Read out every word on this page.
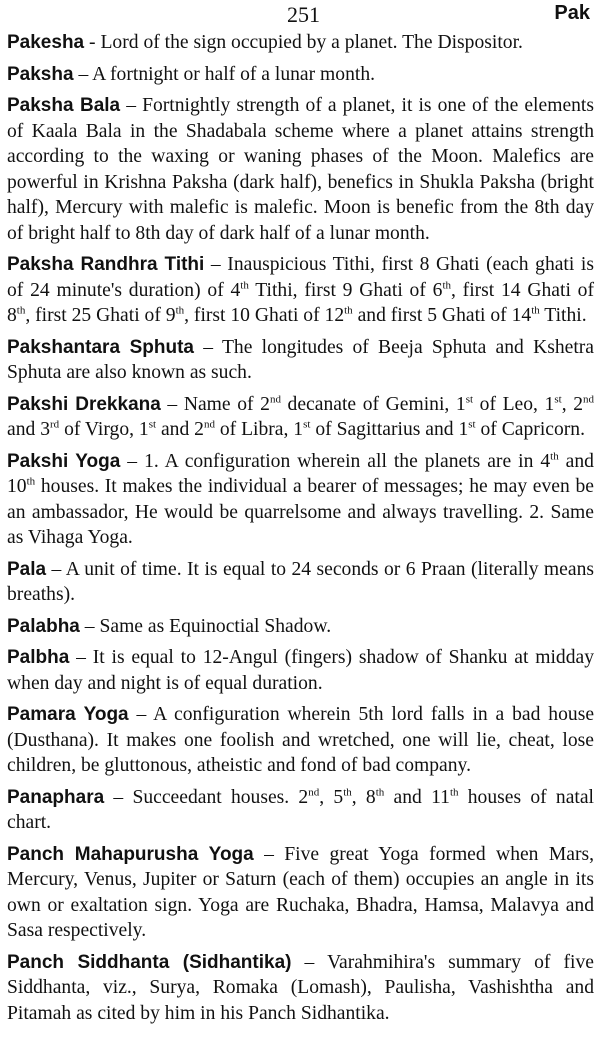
251	Pak

Pakesha - Lord of the sign occupied by a planet. The Dispositor.

Paksha – A fortnight or half of a lunar month.

Paksha Bala – Fortnightly strength of a planet, it is one of the elements of Kaala Bala in the Shadabala scheme where a planet attains strength according to the waxing or waning phases of the Moon. Malefics are powerful in Krishna Paksha (dark half), benefics in Shukla Paksha (bright half), Mercury with malefic is malefic. Moon is benefic from the 8th day of bright half to 8th day of dark half of a lunar month.

Paksha Randhra Tithi – Inauspicious Tithi, first 8 Ghati (each ghati is of 24 minute's duration) of 4th Tithi, first 9 Ghati of 6th, first 14 Ghati of 8th, first 25 Ghati of 9th, first 10 Ghati of 12th and first 5 Ghati of 14th Tithi.

Pakshantara Sphuta – The longitudes of Beeja Sphuta and Kshetra Sphuta are also known as such.

Pakshi Drekkana – Name of 2nd decanate of Gemini, 1st of Leo, 1st, 2nd and 3rd of Virgo, 1st and 2nd of Libra, 1st of Sagittarius and 1st of Capricorn.

Pakshi Yoga – 1. A configuration wherein all the planets are in 4th and 10th houses. It makes the individual a bearer of messages; he may even be an ambassador, He would be quarrelsome and always travelling. 2. Same as Vihaga Yoga.

Pala – A unit of time. It is equal to 24 seconds or 6 Praan (literally means breaths).

Palabha – Same as Equinoctial Shadow.

Palbha – It is equal to 12-Angul (fingers) shadow of Shanku at midday when day and night is of equal duration.

Pamara Yoga – A configuration wherein 5th lord falls in a bad house (Dusthana). It makes one foolish and wretched, one will lie, cheat, lose children, be gluttonous, atheistic and fond of bad company.

Panaphara – Succeedant houses. 2nd, 5th, 8th and 11th houses of natal chart.

Panch Mahapurusha Yoga – Five great Yoga formed when Mars, Mercury, Venus, Jupiter or Saturn (each of them) occupies an angle in its own or exaltation sign. Yoga are Ruchaka, Bhadra, Hamsa, Malavya and Sasa respectively.

Panch Siddhanta (Sidhantika) – Varahmihira's summary of five Siddhanta, viz., Surya, Romaka (Lomash), Paulisha, Vashishtha and Pitamah as cited by him in his Panch Sidhantika.
